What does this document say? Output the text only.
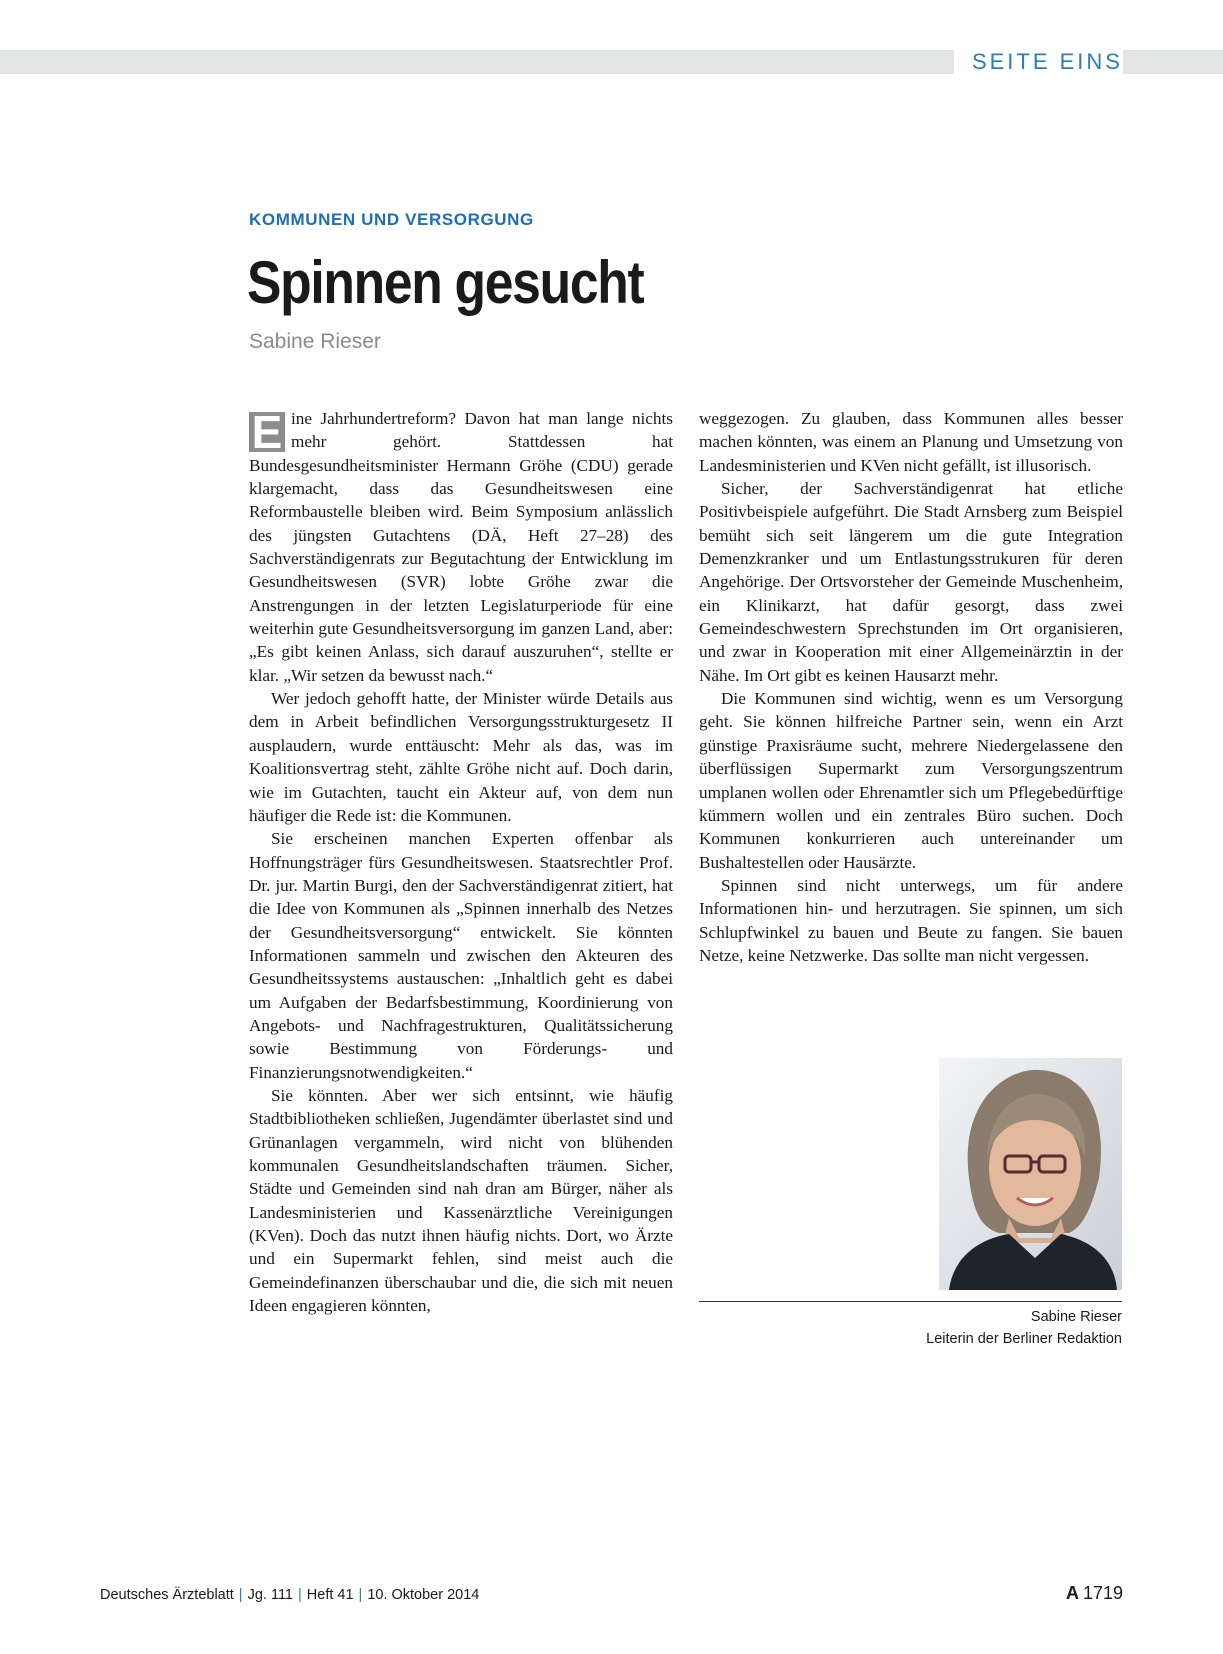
SEITE EINS
KOMMUNEN UND VERSORGUNG
Spinnen gesucht
Sabine Rieser

E ine Jahrhundertreform? Davon hat man lange nichts mehr gehört. Stattdessen hat Bundesgesundheitsminister Hermann Gröhe (CDU) gerade klargemacht, dass das Gesundheitswesen eine Reformbaustelle bleiben wird. Beim Symposium anlässlich des jüngsten Gutachtens (DÄ, Heft 27–28) des Sachverständigenrats zur Begutachtung der Entwicklung im Gesundheitswesen (SVR) lobte Gröhe zwar die Anstrengungen in der letzten Legislaturperiode für eine weiterhin gute Gesundheitsversorgung im ganzen Land, aber: „Es gibt keinen Anlass, sich darauf auszuruhen“, stellte er klar. „Wir setzen da bewusst nach.“

Wer jedoch gehofft hatte, der Minister würde Details aus dem in Arbeit befindlichen Versorgungsstrukturgesetz II ausplaudern, wurde enttäuscht: Mehr als das, was im Koalitionsvertrag steht, zählte Gröhe nicht auf. Doch darin, wie im Gutachten, taucht ein Akteur auf, von dem nun häufiger die Rede ist: die Kommunen.

Sie erscheinen manchen Experten offenbar als Hoffnungsträger fürs Gesundheitswesen. Staatsrechtler Prof. Dr. jur. Martin Burgi, den der Sachverständigenrat zitiert, hat die Idee von Kommunen als „Spinnen innerhalb des Netzes der Gesundheitsversorgung“ entwickelt. Sie könnten Informationen sammeln und zwischen den Akteuren des Gesundheitssystems austauschen: „Inhaltlich geht es dabei um Aufgaben der Bedarfsbestimmung, Koordinierung von Angebots- und Nachfragestrukturen, Qualitätssicherung sowie Bestimmung von Förderungs- und Finanzierungsnotwendigkeiten.“

Sie könnten. Aber wer sich entsinnt, wie häufig Stadtbibliotheken schließen, Jugendämter überlastet sind und Grünanlagen vergammeln, wird nicht von blühenden kommunalen Gesundheitslandschaften träumen. Sicher, Städte und Gemeinden sind nah dran am Bürger, näher als Landesministerien und Kassenärztliche Vereinigungen (KVen). Doch das nutzt ihnen häufig nichts. Dort, wo Ärzte und ein Supermarkt fehlen, sind meist auch die Gemeindefinanzen überschaubar und die, die sich mit neuen Ideen engagieren könnten,

weggezogen. Zu glauben, dass Kommunen alles besser machen könnten, was einem an Planung und Umsetzung von Landesministerien und KVen nicht gefällt, ist illusorisch.

Sicher, der Sachverständigenrat hat etliche Positivbeispiele aufgeführt. Die Stadt Arnsberg zum Beispiel bemüht sich seit längerem um die gute Integration Demenzkranker und um Entlastungsstrukuren für deren Angehörige. Der Ortsvorsteher der Gemeinde Muschenheim, ein Klinikarzt, hat dafür gesorgt, dass zwei Gemeindeschwestern Sprechstunden im Ort organisieren, und zwar in Kooperation mit einer Allgemeinärztin in der Nähe. Im Ort gibt es keinen Hausarzt mehr.

Die Kommunen sind wichtig, wenn es um Versorgung geht. Sie können hilfreiche Partner sein, wenn ein Arzt günstige Praxisräume sucht, mehrere Niedergelassene den überflüssigen Supermarkt zum Versorgungszentrum umplanen wollen oder Ehrenamtler sich um Pflegebedürftige kümmern wollen und ein zentrales Büro suchen. Doch Kommunen konkurrieren auch untereinander um Bushaltestellen oder Hausärzte.

Spinnen sind nicht unterwegs, um für andere Informationen hin- und herzutragen. Sie spinnen, um sich Schlupfwinkel zu bauen und Beute zu fangen. Sie bauen Netze, keine Netzwerke. Das sollte man nicht vergessen.

Sabine Rieser
Leiterin der Berliner Redaktion
Deutsches Ärzteblatt | Jg. 111 | Heft 41 | 10. Oktober 2014	A 1719
